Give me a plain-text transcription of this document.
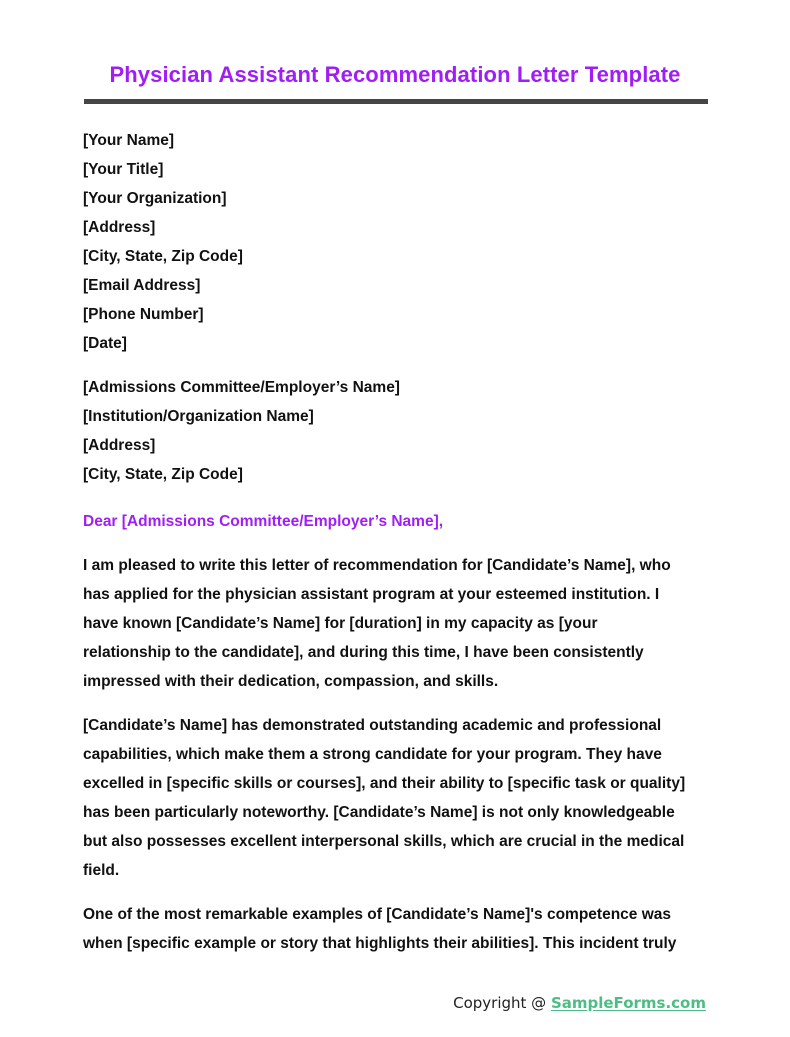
Physician Assistant Recommendation Letter Template
[Your Name]
[Your Title]
[Your Organization]
[Address]
[City, State, Zip Code]
[Email Address]
[Phone Number]
[Date]
[Admissions Committee/Employer’s Name]
[Institution/Organization Name]
[Address]
[City, State, Zip Code]
Dear [Admissions Committee/Employer’s Name],
I am pleased to write this letter of recommendation for [Candidate’s Name], who
has applied for the physician assistant program at your esteemed institution. I
have known [Candidate’s Name] for [duration] in my capacity as [your
relationship to the candidate], and during this time, I have been consistently
impressed with their dedication, compassion, and skills.
[Candidate’s Name] has demonstrated outstanding academic and professional
capabilities, which make them a strong candidate for your program. They have
excelled in [specific skills or courses], and their ability to [specific task or quality]
has been particularly noteworthy. [Candidate’s Name] is not only knowledgeable
but also possesses excellent interpersonal skills, which are crucial in the medical
field.
One of the most remarkable examples of [Candidate’s Name]'s competence was
when [specific example or story that highlights their abilities]. This incident truly
Copyright @ SampleForms.com
